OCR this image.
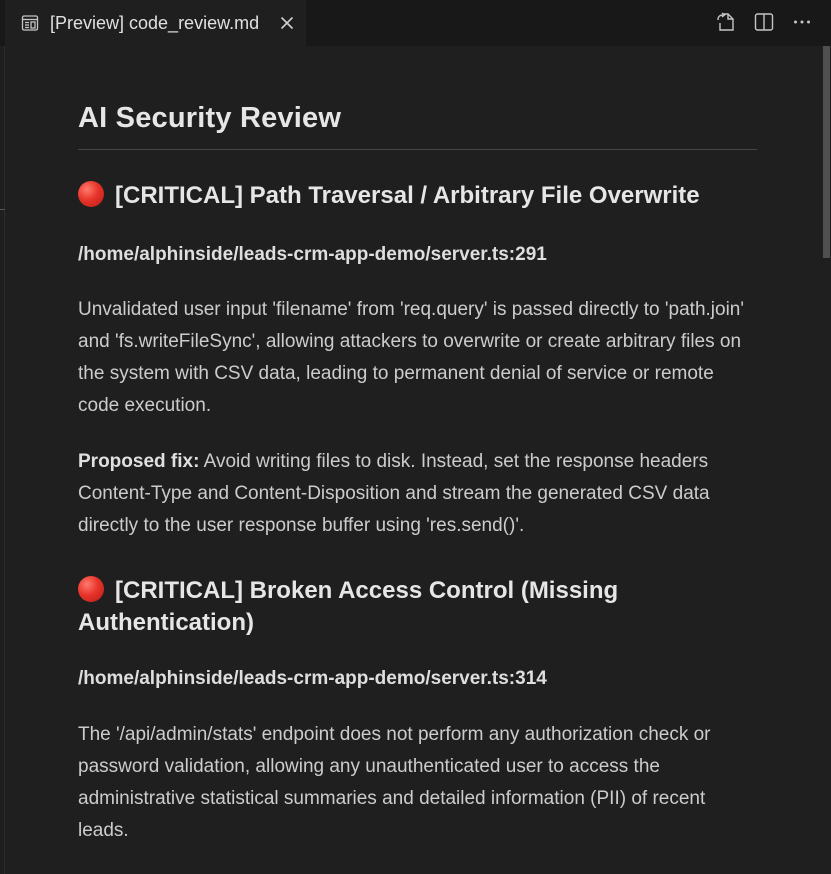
[Preview] code_review.md
AI Security Review
[CRITICAL] Path Traversal / Arbitrary File Overwrite
/home/alphinside/leads-crm-app-demo/server.ts:291
Unvalidated user input 'filename' from 'req.query' is passed directly to 'path.join' and 'fs.writeFileSync', allowing attackers to overwrite or create arbitrary files on the system with CSV data, leading to permanent denial of service or remote code execution.
Proposed fix: Avoid writing files to disk. Instead, set the response headers Content-Type and Content-Disposition and stream the generated CSV data directly to the user response buffer using 'res.send()'.
[CRITICAL] Broken Access Control (Missing Authentication)
/home/alphinside/leads-crm-app-demo/server.ts:314
The '/api/admin/stats' endpoint does not perform any authorization check or password validation, allowing any unauthenticated user to access the administrative statistical summaries and detailed information (PII) of recent leads.
